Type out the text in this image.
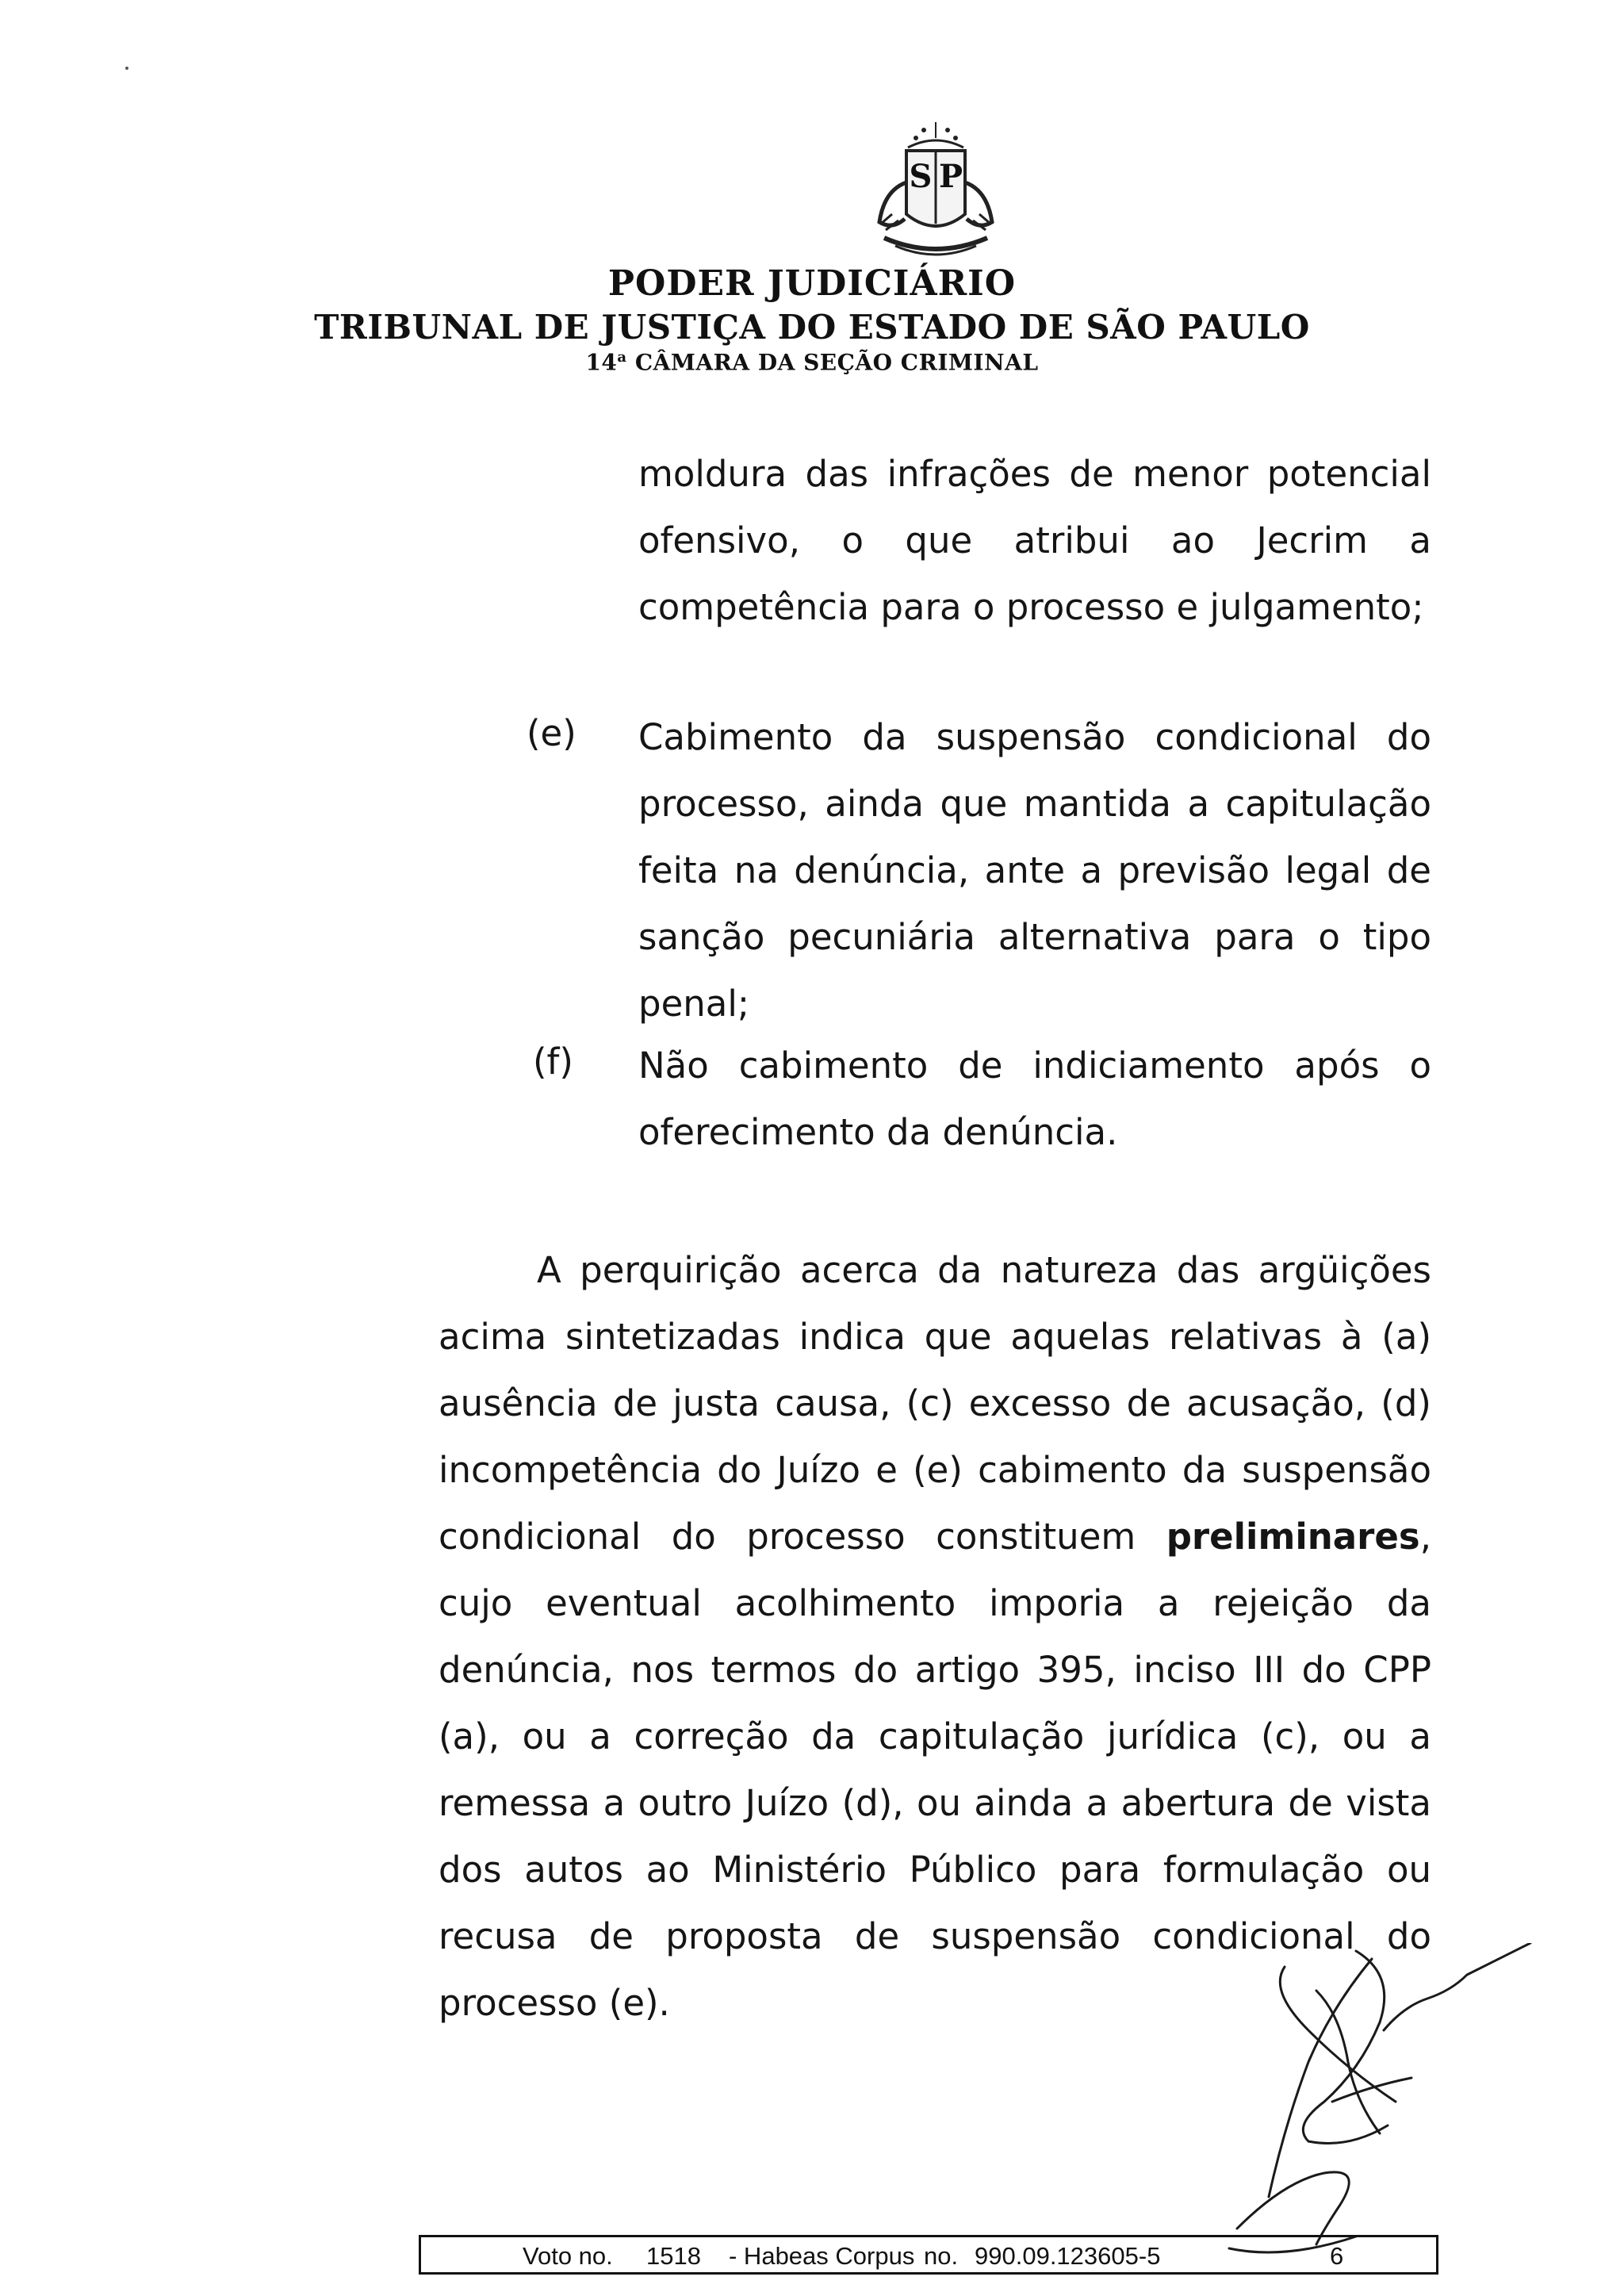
S P
PODER JUDICIÁRIO
TRIBUNAL DE JUSTIÇA DO ESTADO DE SÃO PAULO
14$^a$ CÂMARA DA SEÇÃO CRIMINAL

moldura das infrações de menor potencial ofensivo, o que atribui ao Jecrim a competência para o processo e julgamento;

(e) Cabimento da suspensão condicional do processo, ainda que mantida a capitulação feita na denúncia, ante a previsão legal de sanção pecuniária alternativa para o tipo penal;

(f) Não cabimento de indiciamento após o oferecimento da denúncia.

A perquirição acerca da natureza das argüições acima sintetizadas indica que aquelas relativas à (a) ausência de justa causa, (c) excesso de acusação, (d) incompetência do Juízo e (e) cabimento da suspensão condicional do processo constituem preliminares, cujo eventual acolhimento imporia a rejeição da denúncia, nos termos do artigo 395, inciso III do CPP (a), ou a correção da capitulação jurídica (c), ou a remessa a outro Juízo (d), ou ainda a abertura de vista dos autos ao Ministério Público para formulação ou recusa de proposta de suspensão condicional do processo (e).

Voto no. 1518 - Habeas Corpus no. 990.09.123605-5	6
